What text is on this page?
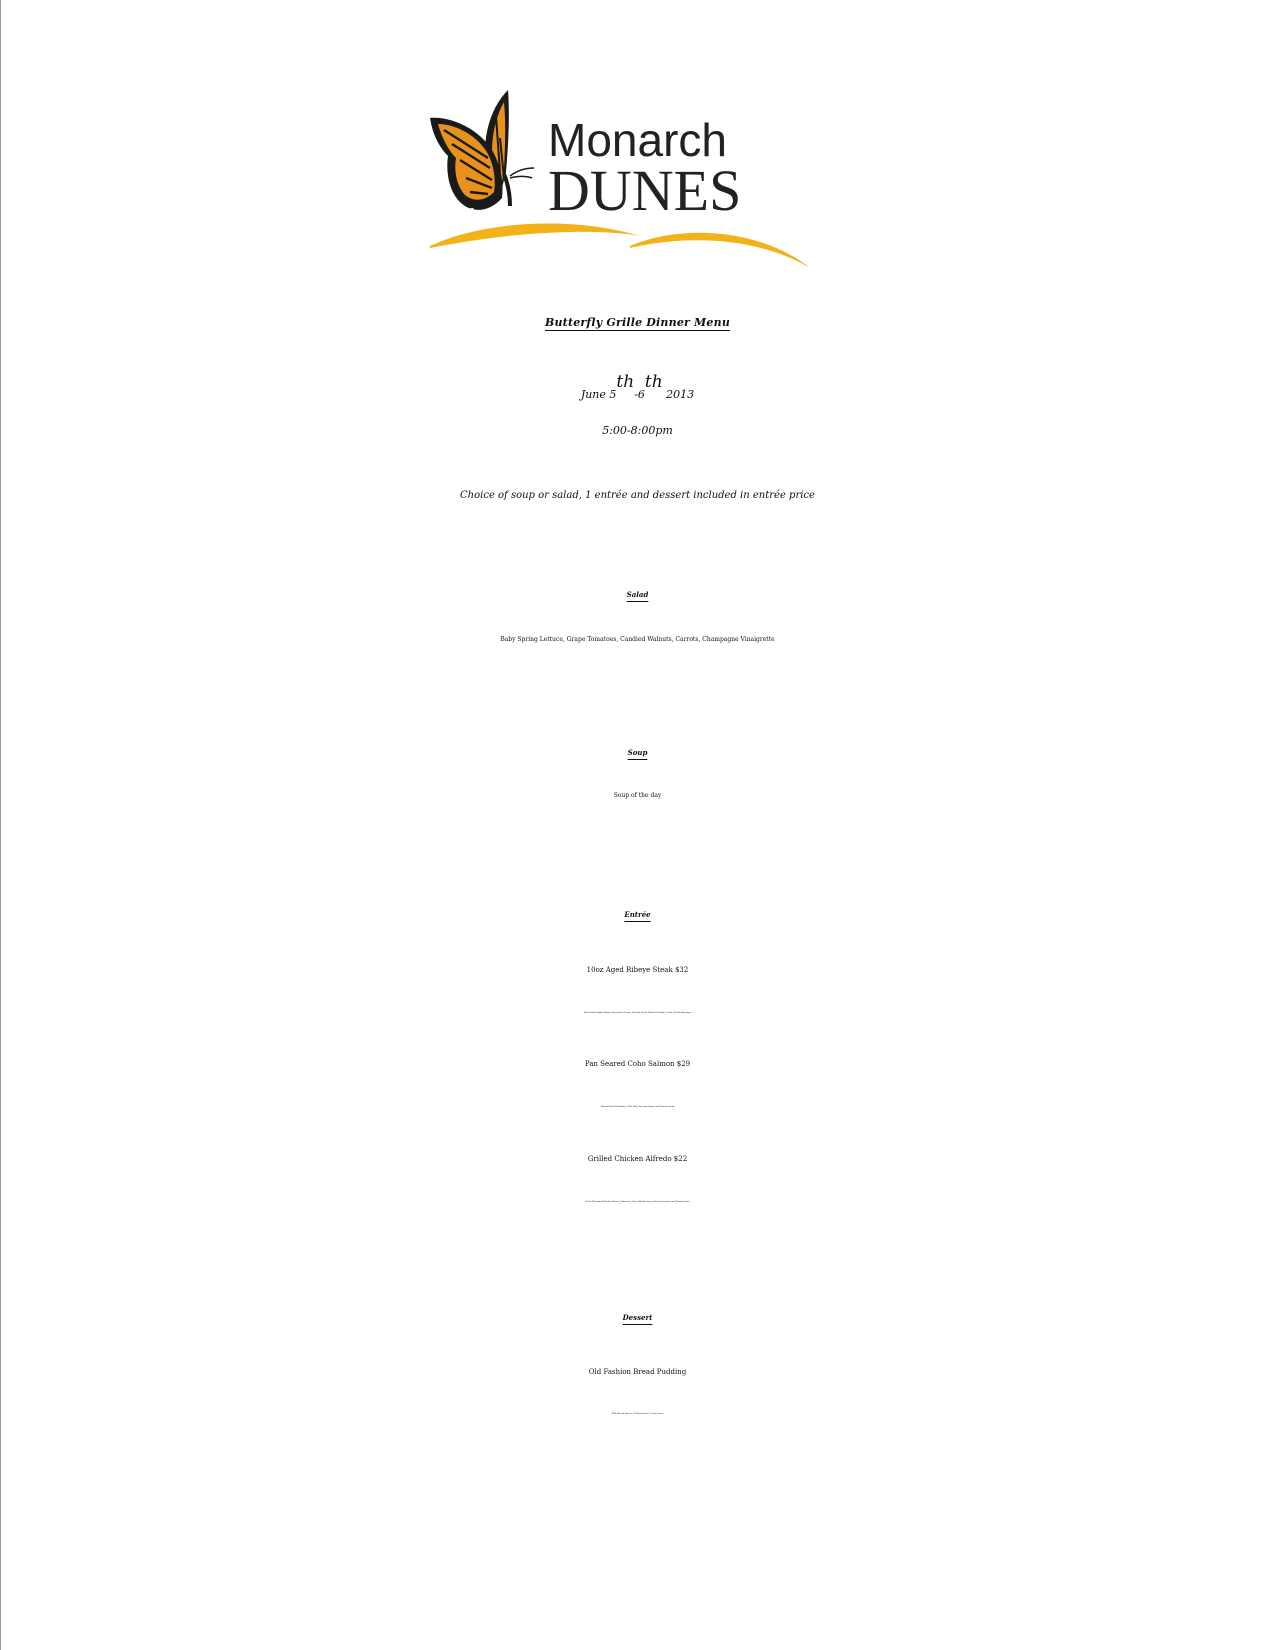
Monarch
DUNES
Butterfly Grille Dinner Menu
June 5th-6th 2013
5:00-8:00pm
Choice of soup or salad, 1 entrée and dessert included in entrée price
Salad
Baby Spring Lettuce, Grape Tomatoes, Candied Walnuts, Carrots, Champagne Vinaigrette
Soup
Soup of the day
Entrée
10oz Aged Ribeye Steak $32
Oak Smoked Apple-Honey Horseradish Cream, Roasted Garlic Mashed Potatoes, Fresh Grilled Asparagus
Pan Seared Coho Salmon $29
Tomato-Basil Hollandaise, Rice Pilaf, Zucchini-Squash and Tomato Sauté
Grilled Chicken Alfredo $22
Garlic Marinated Chicken Breast, Fettuccini, Fresh Alfredo Sauce, Zucchini-Squash and Tomato Sauté
Dessert
Old Fashion Bread Pudding
Wild Marion Berries, Whiskey Sauce, Fresh Cream
